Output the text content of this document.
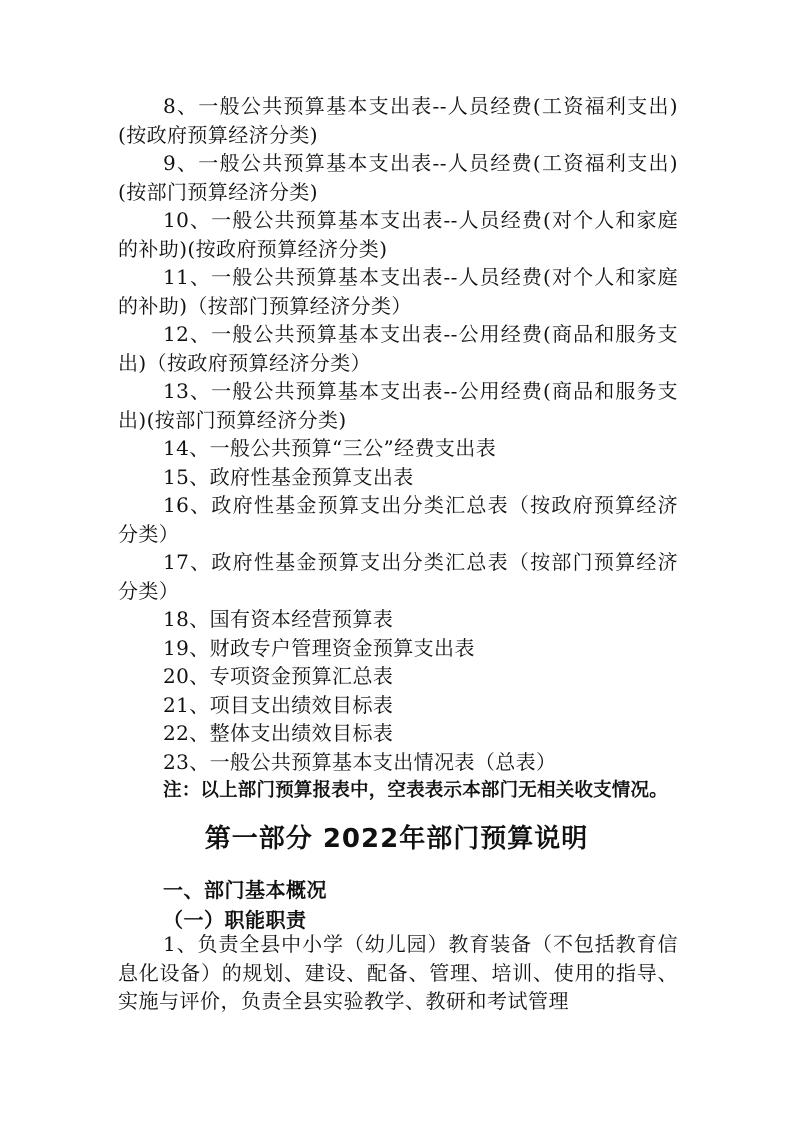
8、一般公共预算基本支出表--人员经费(工资福利支出)(按政府预算经济分类)
9、一般公共预算基本支出表--人员经费(工资福利支出)(按部门预算经济分类)
10、一般公共预算基本支出表--人员经费(对个人和家庭的补助)(按政府预算经济分类)
11、一般公共预算基本支出表--人员经费(对个人和家庭的补助)（按部门预算经济分类）
12、一般公共预算基本支出表--公用经费(商品和服务支出)（按政府预算经济分类）
13、一般公共预算基本支出表--公用经费(商品和服务支出)(按部门预算经济分类)
14、一般公共预算“三公”经费支出表
15、政府性基金预算支出表
16、政府性基金预算支出分类汇总表（按政府预算经济分类）
17、政府性基金预算支出分类汇总表（按部门预算经济分类）
18、国有资本经营预算表
19、财政专户管理资金预算支出表
20、专项资金预算汇总表
21、项目支出绩效目标表
22、整体支出绩效目标表
23、一般公共预算基本支出情况表（总表）
注：以上部门预算报表中，空表表示本部门无相关收支情况。
第一部分 2022年部门预算说明
一、部门基本概况
（一）职能职责
1、负责全县中小学（幼儿园）教育装备（不包括教育信息化设备）的规划、建设、配备、管理、培训、使用的指导、实施与评价，负责全县实验教学、教研和考试管理
